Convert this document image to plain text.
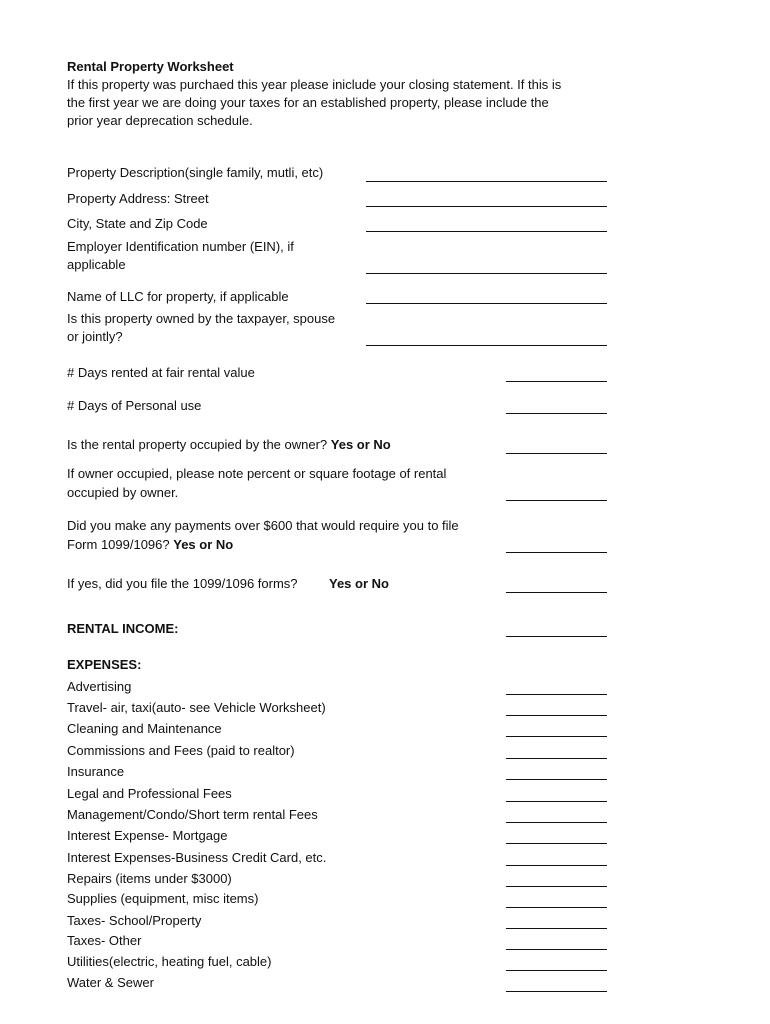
Rental Property Worksheet
If this property was purchaed this year please iniclude your closing statement. If this is
the first year we are doing your taxes for an established property, please include the
prior year deprecation schedule.
Property Description(single family, mutli, etc)
Property Address: Street
City, State and Zip Code
Employer Identification number (EIN), if
applicable
Name of LLC for property, if applicable
Is this property owned by the taxpayer, spouse
or jointly?
# Days rented at fair rental value
# Days of Personal use
Is the rental property occupied by the owner? Yes or No
If owner occupied, please note percent or square footage of rental
occupied by owner.
Did you make any payments over $600 that would require you to file
Form 1099/1096? Yes or No
If yes, did you file the 1099/1096 forms? Yes or No
RENTAL INCOME:
EXPENSES:
Advertising
Travel- air, taxi(auto- see Vehicle Worksheet)
Cleaning and Maintenance
Commissions and Fees (paid to realtor)
Insurance
Legal and Professional Fees
Management/Condo/Short term rental Fees
Interest Expense- Mortgage
Interest Expenses-Business Credit Card, etc.
Repairs (items under $3000)
Supplies (equipment, misc items)
Taxes- School/Property
Taxes- Other
Utilities(electric, heating fuel, cable)
Water & Sewer
